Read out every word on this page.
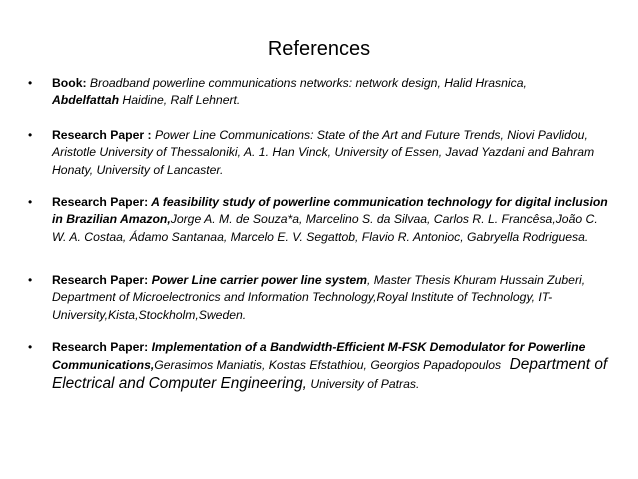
References
• Book: Broadband powerline communications networks: network design, Halid Hrasnica,
Abdelfattah Haidine, Ralf Lehnert.
• Research Paper : Power Line Communications: State of the Art and Future Trends, Niovi Pavlidou, Aristotle University of Thessaloniki, A. 1. Han Vinck, University of Essen, Javad Yazdani and Bahram Honaty, University of Lancaster.
• Research Paper: A feasibility study of powerline communication technology for digital inclusion in Brazilian Amazon,Jorge A. M. de Souza*a, Marcelino S. da Silvaa, Carlos R. L. Francêsa,João C. W. A. Costaa, Ádamo Santanaa, Marcelo E. V. Segattob, Flavio R. Antonioc, Gabryella Rodriguesa.
• Research Paper: Power Line carrier power line system, Master Thesis Khuram Hussain Zuberi, Department of Microelectronics and Information Technology,Royal Institute of Technology, IT-University,Kista,Stockholm,Sweden.
• Research Paper: Implementation of a Bandwidth-Efficient M-FSK Demodulator for Powerline Communications,Gerasimos Maniatis, Kostas Efstathiou, Georgios Papadopoulos  Department of Electrical and Computer Engineering, University of Patras.
